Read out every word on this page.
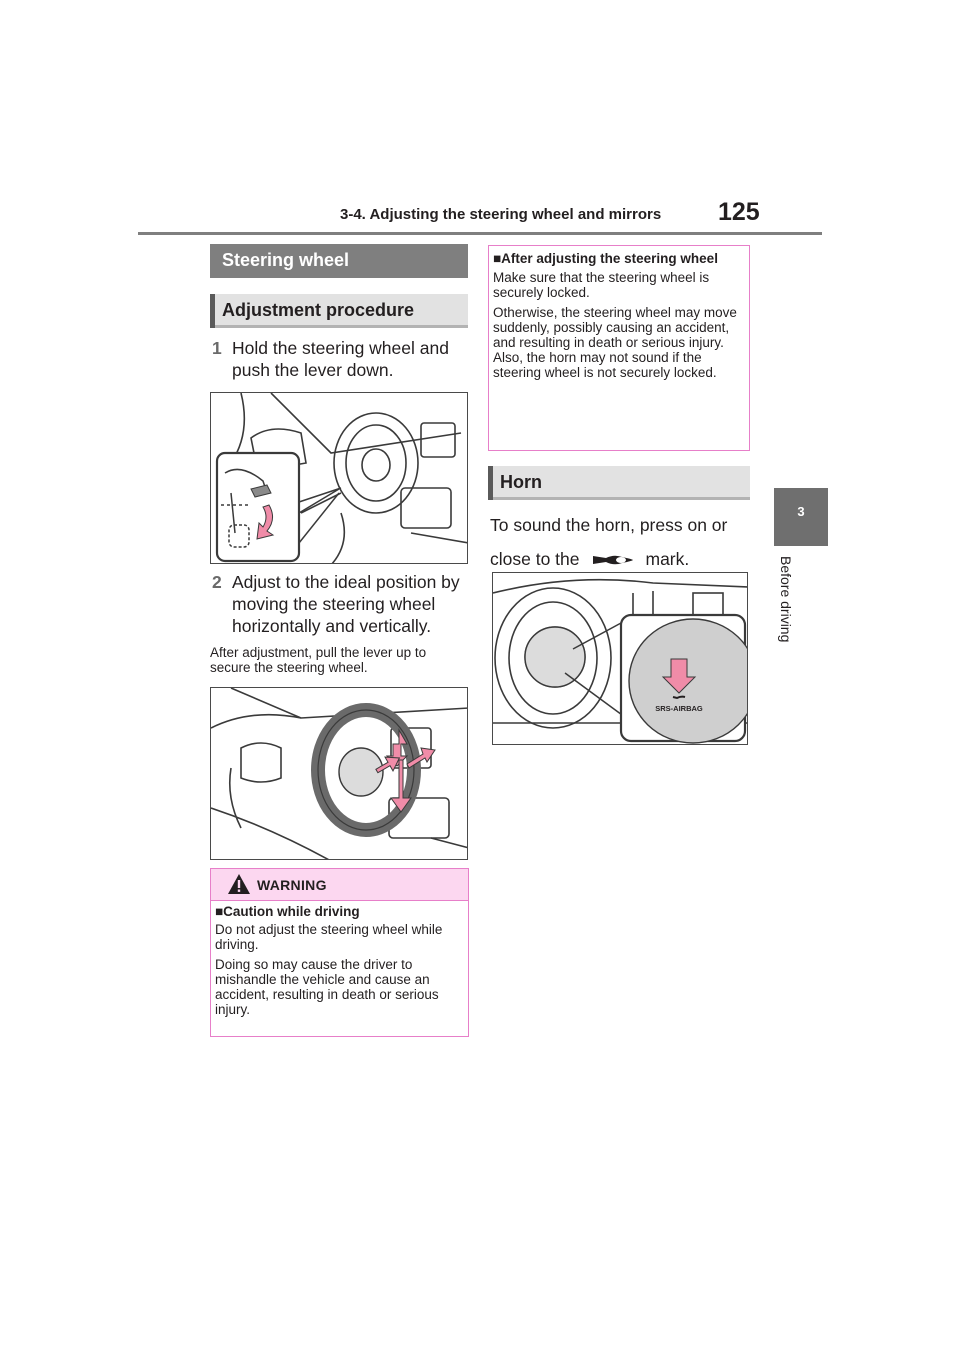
3-4. Adjusting the steering wheel and mirrors 125
3
Before driving
Steering wheel
Adjustment procedure
1 Hold the steering wheel and push the lever down.
2 Adjust to the ideal position by moving the steering wheel horizontally and vertically.
After adjustment, pull the lever up to secure the steering wheel.
WARNING
■Caution while driving

Do not adjust the steering wheel while driving.

Doing so may cause the driver to mishandle the vehicle and cause an accident, resulting in death or serious injury.

■After adjusting the steering wheel

Make sure that the steering wheel is securely locked.

Otherwise, the steering wheel may move suddenly, possibly causing an accident, and resulting in death or serious injury. Also, the horn may not sound if the steering wheel is not securely locked.

Horn
To sound the horn, press on or close to the	mark.
SRS-AIRBAG
